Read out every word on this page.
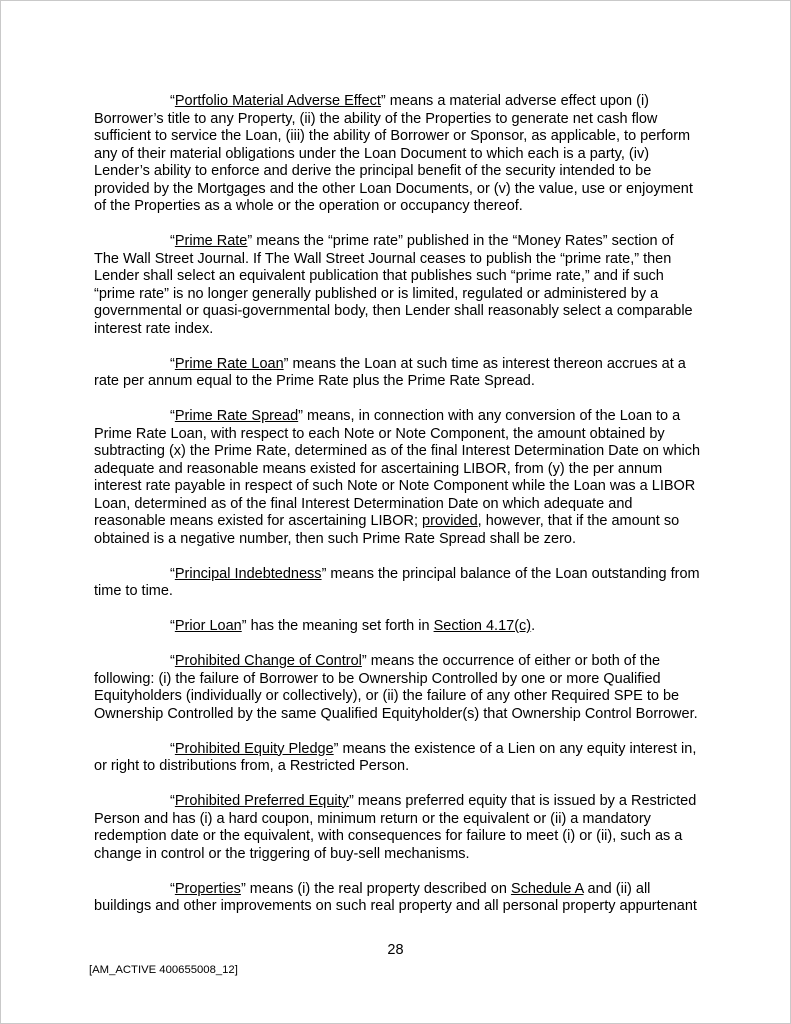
“Portfolio Material Adverse Effect” means a material adverse effect upon (i) Borrower’s title to any Property, (ii) the ability of the Properties to generate net cash flow sufficient to service the Loan, (iii) the ability of Borrower or Sponsor, as applicable, to perform any of their material obligations under the Loan Document to which each is a party, (iv) Lender’s ability to enforce and derive the principal benefit of the security intended to be provided by the Mortgages and the other Loan Documents, or (v) the value, use or enjoyment of the Properties as a whole or the operation or occupancy thereof.

“Prime Rate” means the “prime rate” published in the “Money Rates” section of The Wall Street Journal. If The Wall Street Journal ceases to publish the “prime rate,” then Lender shall select an equivalent publication that publishes such “prime rate,” and if such “prime rate” is no longer generally published or is limited, regulated or administered by a governmental or quasi-governmental body, then Lender shall reasonably select a comparable interest rate index.

“Prime Rate Loan” means the Loan at such time as interest thereon accrues at a rate per annum equal to the Prime Rate plus the Prime Rate Spread.

“Prime Rate Spread” means, in connection with any conversion of the Loan to a Prime Rate Loan, with respect to each Note or Note Component, the amount obtained by subtracting (x) the Prime Rate, determined as of the final Interest Determination Date on which adequate and reasonable means existed for ascertaining LIBOR, from (y) the per annum interest rate payable in respect of such Note or Note Component while the Loan was a LIBOR Loan, determined as of the final Interest Determination Date on which adequate and reasonable means existed for ascertaining LIBOR; provided, however, that if the amount so obtained is a negative number, then such Prime Rate Spread shall be zero.

“Principal Indebtedness” means the principal balance of the Loan outstanding from time to time.

“Prior Loan” has the meaning set forth in Section 4.17(c).

“Prohibited Change of Control” means the occurrence of either or both of the following: (i) the failure of Borrower to be Ownership Controlled by one or more Qualified Equityholders (individually or collectively), or (ii) the failure of any other Required SPE to be Ownership Controlled by the same Qualified Equityholder(s) that Ownership Control Borrower.

“Prohibited Equity Pledge” means the existence of a Lien on any equity interest in, or right to distributions from, a Restricted Person.

“Prohibited Preferred Equity” means preferred equity that is issued by a Restricted Person and has (i) a hard coupon, minimum return or the equivalent or (ii) a mandatory redemption date or the equivalent, with consequences for failure to meet (i) or (ii), such as a change in control or the triggering of buy-sell mechanisms.

“Properties” means (i) the real property described on Schedule A and (ii) all buildings and other improvements on such real property and all personal property appurtenant

28
[AM_ACTIVE 400655008_12]
